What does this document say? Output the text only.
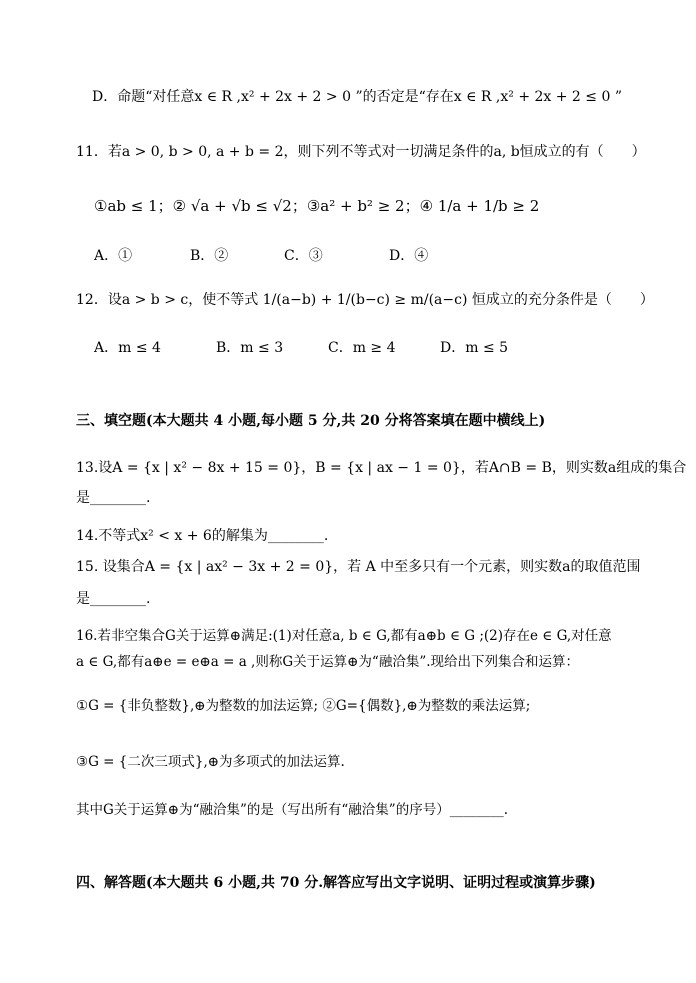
D．命题“对任意x ∈ R ,x² + 2x + 2 > 0 ”的否定是“存在x ∈ R ,x² + 2x + 2 ≤ 0 ”
11．若a > 0, b > 0, a + b = 2，则下列不等式对一切满足条件的a, b恒成立的有（　　）
①ab ≤ 1；② √a + √b ≤ √2；③a² + b² ≥ 2；④ 1/a + 1/b ≥ 2
A．①	B．②	C．③	D．④
12．设a > b > c，使不等式 1/(a−b) + 1/(b−c) ≥ m/(a−c) 恒成立的充分条件是（　　）
A．m ≤ 4	B．m ≤ 3	C．m ≥ 4	D．m ≤ 5
三、填空题(本大题共 4 小题,每小题 5 分,共 20 分将答案填在题中横线上)
13.设A = {x | x² − 8x + 15 = 0}，B = {x | ax − 1 = 0}，若A∩B = B，则实数a组成的集合
是________.
14.不等式x² < x + 6的解集为________.
15. 设集合A = {x | ax² − 3x + 2 = 0}，若 A 中至多只有一个元素，则实数a的取值范围
是________.
16.若非空集合G关于运算⊕满足:(1)对任意a, b ∈ G,都有a⊕b ∈ G ;(2)存在e ∈ G,对任意
a ∈ G,都有a⊕e = e⊕a = a ,则称G关于运算⊕为“融洽集”.现给出下列集合和运算：
①G = {非负整数},⊕为整数的加法运算; ②G={偶数},⊕为整数的乘法运算;
③G = {二次三项式},⊕为多项式的加法运算.
其中G关于运算⊕为“融洽集”的是（写出所有“融洽集”的序号）________.
四、解答题(本大题共 6 小题,共 70 分.解答应写出文字说明、证明过程或演算步骤)
